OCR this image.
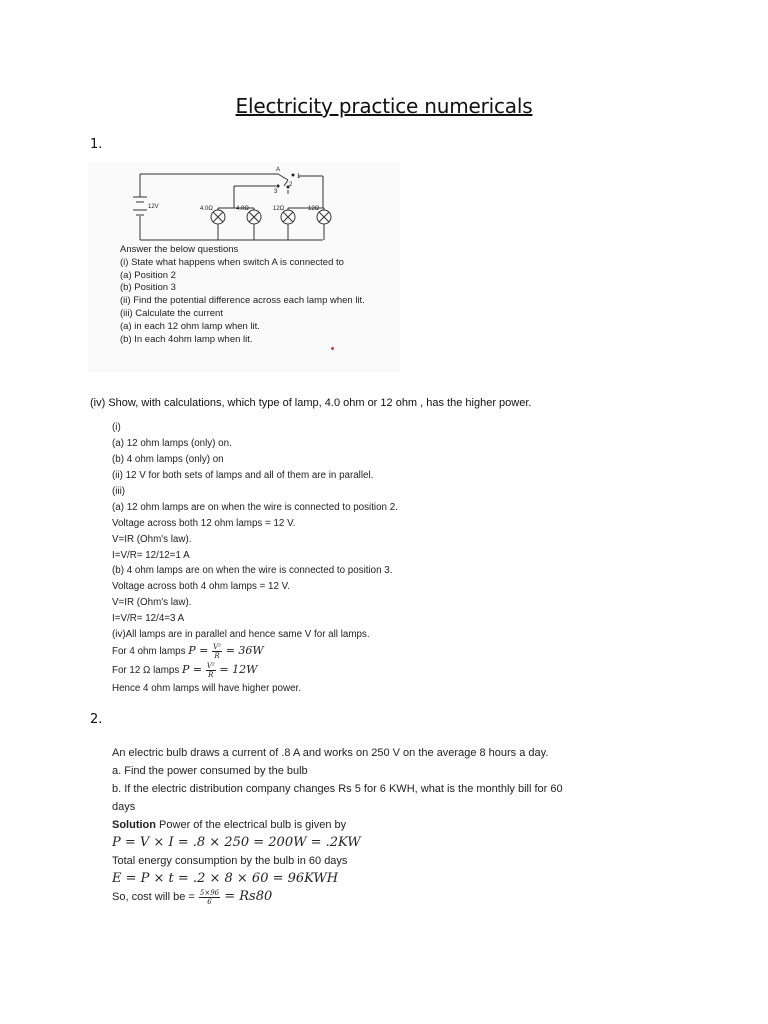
Electricity practice numericals
1.
12V
A
1
2
3
4.0Ω	4.0Ω	12Ω	12Ω
Answer the below questions
(i) State what happens when switch A is connected to
(a) Position 2
(b) Position 3
(ii) Find the potential difference across each lamp when lit.
(iii) Calculate the current
(a) in each 12 ohm lamp when lit.
(b) In each 4ohm lamp when lit.
(iv) Show, with calculations, which type of lamp, 4.0 ohm or 12 ohm , has the higher power.
(i)
(a) 12 ohm lamps (only) on.
(b) 4 ohm lamps (only) on
(ii) 12 V for both sets of lamps and all of them are in parallel.
(iii)
(a) 12 ohm lamps are on when the wire is connected to position 2.
Voltage across both 12 ohm lamps = 12 V.
V=IR (Ohm's law).
I=V/R= 12/12=1 A
(b) 4 ohm lamps are on when the wire is connected to position 3.
Voltage across both 4 ohm lamps = 12 V.
V=IR (Ohm's law).
I=V/R= 12/4=3 A
(iv)All lamps are in parallel and hence same V for all lamps.
For 4 ohm lamps $P = \frac{\text{V²}}{R} = 36W$
For 12 Ω lamps $P = \frac{\text{V²}}{R} = 12W$
Hence 4 ohm lamps will have higher power.
2.
An electric bulb draws a current of .8 A and works on 250 V on the average 8 hours a day.
a. Find the power consumed by the bulb
b. If the electric distribution company changes Rs 5 for 6 KWH, what is the monthly bill for 60
days
Solution Power of the electrical bulb is given by
P = V × I = .8 × 250 = 200W = .2KW
Total energy consumption by the bulb in 60 days
E = P × t = .2 × 8 × 60 = 96KWH
So, cost will be = $\frac{5\times 96}{6} = Rs80$
